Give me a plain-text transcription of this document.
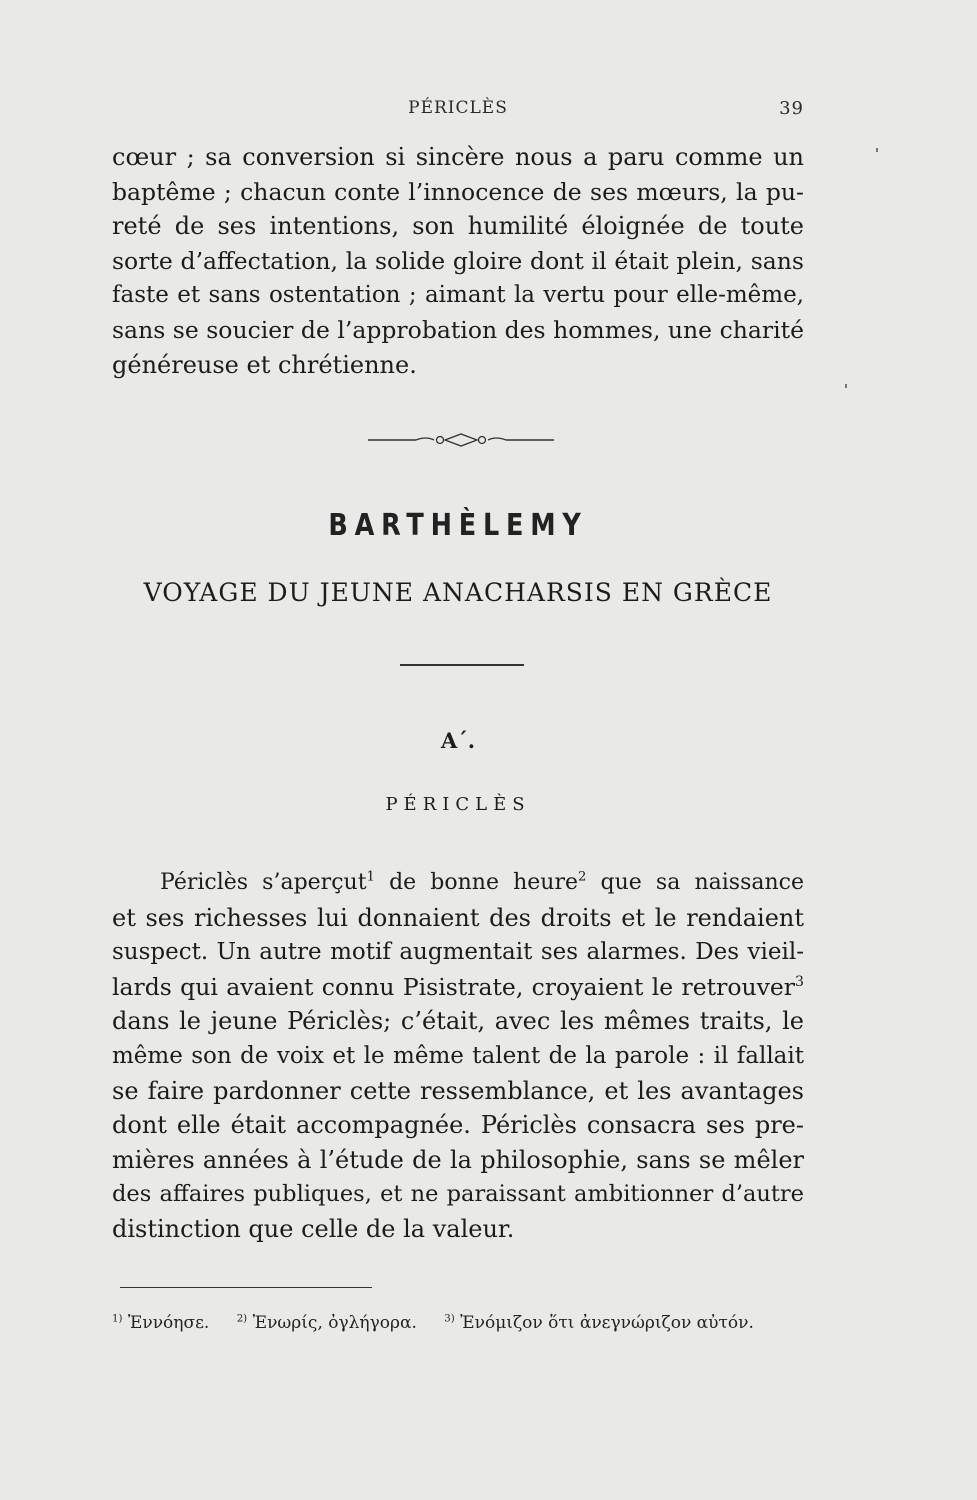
PÉRICLÈS	39
cœur ; sa conversion si sincère nous a paru comme un
baptême ; chacun conte l’innocence de ses mœurs, la pu-
reté de ses intentions, son humilité éloignée de toute
sorte d’affectation, la solide gloire dont il était plein, sans
faste et sans ostentation ; aimant la vertu pour elle-même,
sans se soucier de l’approbation des hommes, une charité
généreuse et chrétienne.
BARTHÈLEMY
VOYAGE DU JEUNE ANACHARSIS EN GRÈCE
A´.
PÉRICLÈS
Périclès s’aperçut$^1$ de bonne heure$^2$ que sa naissance
et ses richesses lui donnaient des droits et le rendaient
suspect. Un autre motif augmentait ses alarmes. Des vieil-
lards qui avaient connu Pisistrate, croyaient le retrouver$^3$
dans le jeune Périclès; c’était, avec les mêmes traits, le
même son de voix et le même talent de la parole : il fallait
se faire pardonner cette ressemblance, et les avantages
dont elle était accompagnée. Périclès consacra ses pre-
mières années à l’étude de la philosophie, sans se mêler
des affaires publiques, et ne paraissant ambitionner d’autre
distinction que celle de la valeur.
$^{1)}$ Ἐννόησε.	$^{2)}$ Ἐνωρίς, ὀγλήγορα.	$^{3)}$ Ἐνόμιζον ὅτι ἀνεγνώριζον αὐτόν.
